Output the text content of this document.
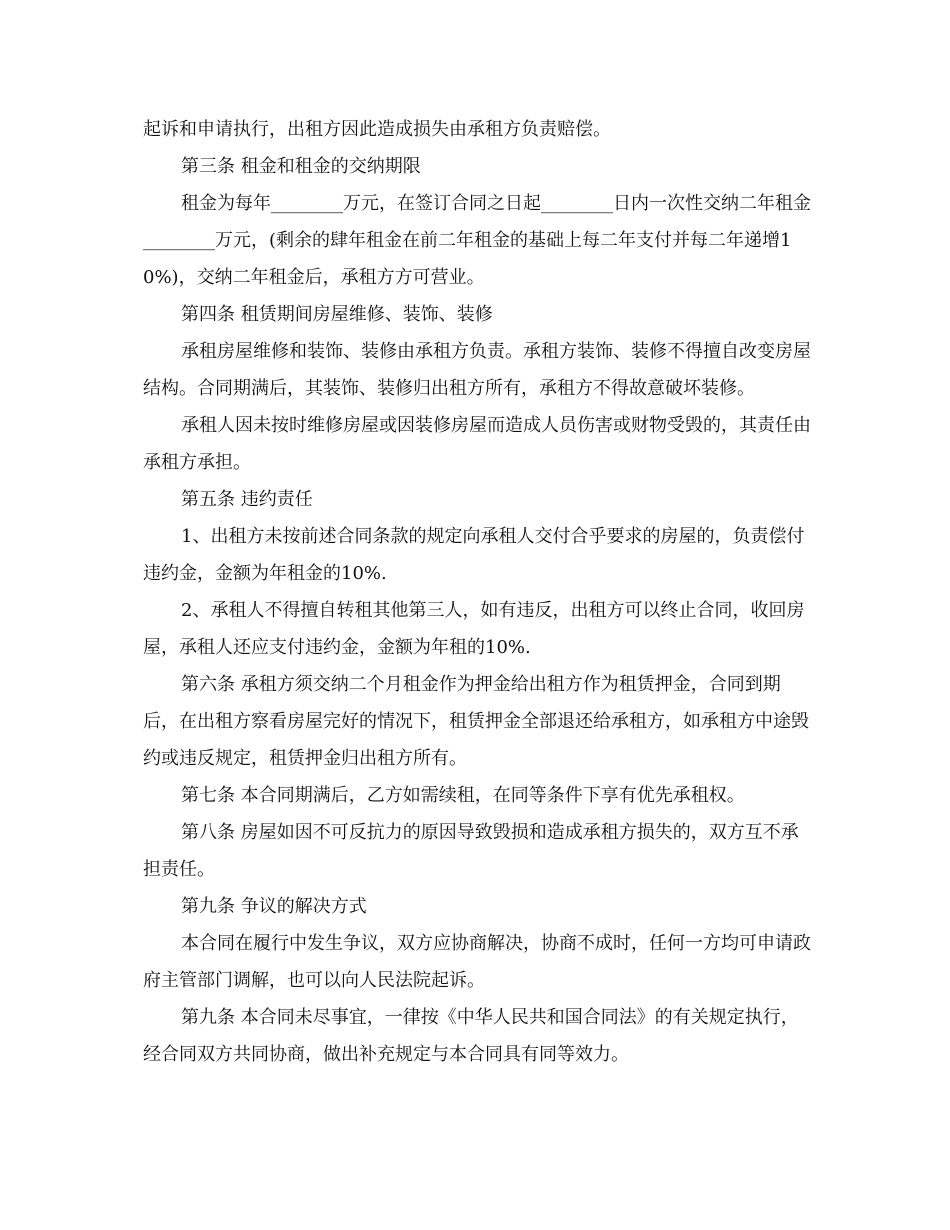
起诉和申请执行，出租方因此造成损失由承租方负责赔偿。

第三条 租金和租金的交纳期限

租金为每年________万元，在签订合同之日起________日内一次性交纳二年租金________万元，(剩余的肆年租金在前二年租金的基础上每二年支付并每二年递增10%)，交纳二年租金后，承租方方可营业。

第四条 租赁期间房屋维修、装饰、装修

承租房屋维修和装饰、装修由承租方负责。承租方装饰、装修不得擅自改变房屋结构。合同期满后，其装饰、装修归出租方所有，承租方不得故意破坏装修。

承租人因未按时维修房屋或因装修房屋而造成人员伤害或财物受毁的，其责任由承租方承担。

第五条 违约责任

1、出租方未按前述合同条款的规定向承租人交付合乎要求的房屋的，负责偿付违约金，金额为年租金的10%.

2、承租人不得擅自转租其他第三人，如有违反，出租方可以终止合同，收回房屋，承租人还应支付违约金，金额为年租的10%.

第六条 承租方须交纳二个月租金作为押金给出租方作为租赁押金，合同到期后，在出租方察看房屋完好的情况下，租赁押金全部退还给承租方，如承租方中途毁约或违反规定，租赁押金归出租方所有。

第七条 本合同期满后，乙方如需续租，在同等条件下享有优先承租权。

第八条 房屋如因不可反抗力的原因导致毁损和造成承租方损失的，双方互不承担责任。

第九条 争议的解决方式

本合同在履行中发生争议，双方应协商解决，协商不成时，任何一方均可申请政府主管部门调解，也可以向人民法院起诉。

第九条 本合同未尽事宜，一律按《中华人民共和国合同法》的有关规定执行，经合同双方共同协商，做出补充规定与本合同具有同等效力。
